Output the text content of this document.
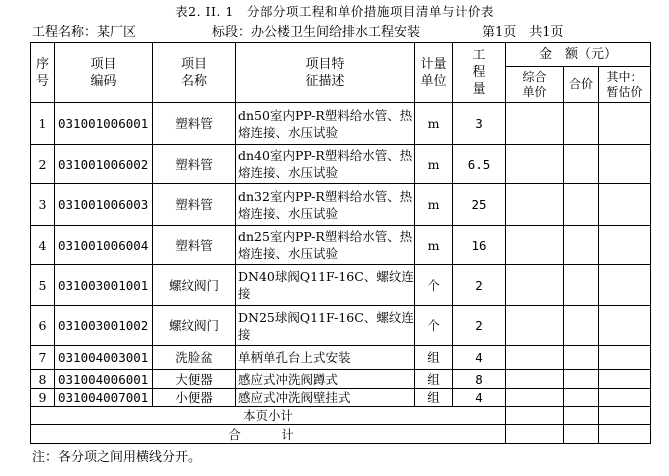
表2. II. 1　分部分项工程和单价措施项目清单与计价表
工程名称：某厂区	标段：办公楼卫生间给排水工程安装	第1页　共1页
序号	项目编码	项目名称	项目特征描述	计量单位	工程量	金　额（元）		
						综合单价	合价	其中：暂估价
1	031001006001	塑料管	dn50室内PP-R塑料给水管、热熔连接、水压试验	m	3			
2	031001006002	塑料管	dn40室内PP-R塑料给水管、热熔连接、水压试验	m	6.5			
3	031001006003	塑料管	dn32室内PP-R塑料给水管、热熔连接、水压试验	m	25			
4	031001006004	塑料管	dn25室内PP-R塑料给水管、热熔连接、水压试验	m	16			
5	031003001001	螺纹阀门	DN40球阀Q11F-16C、螺纹连接	个	2			
6	031003001002	螺纹阀门	DN25球阀Q11F-16C、螺纹连接	个	2			
7	031004003001	洗脸盆	单柄单孔台上式安装	组	4			
8	031004006001	大便器	感应式冲洗阀蹲式	组	8			
9	031004007001	小便器	感应式冲洗阀壁挂式	组	4			
本页小计								
合　计								
注：各分项之间用横线分开。
